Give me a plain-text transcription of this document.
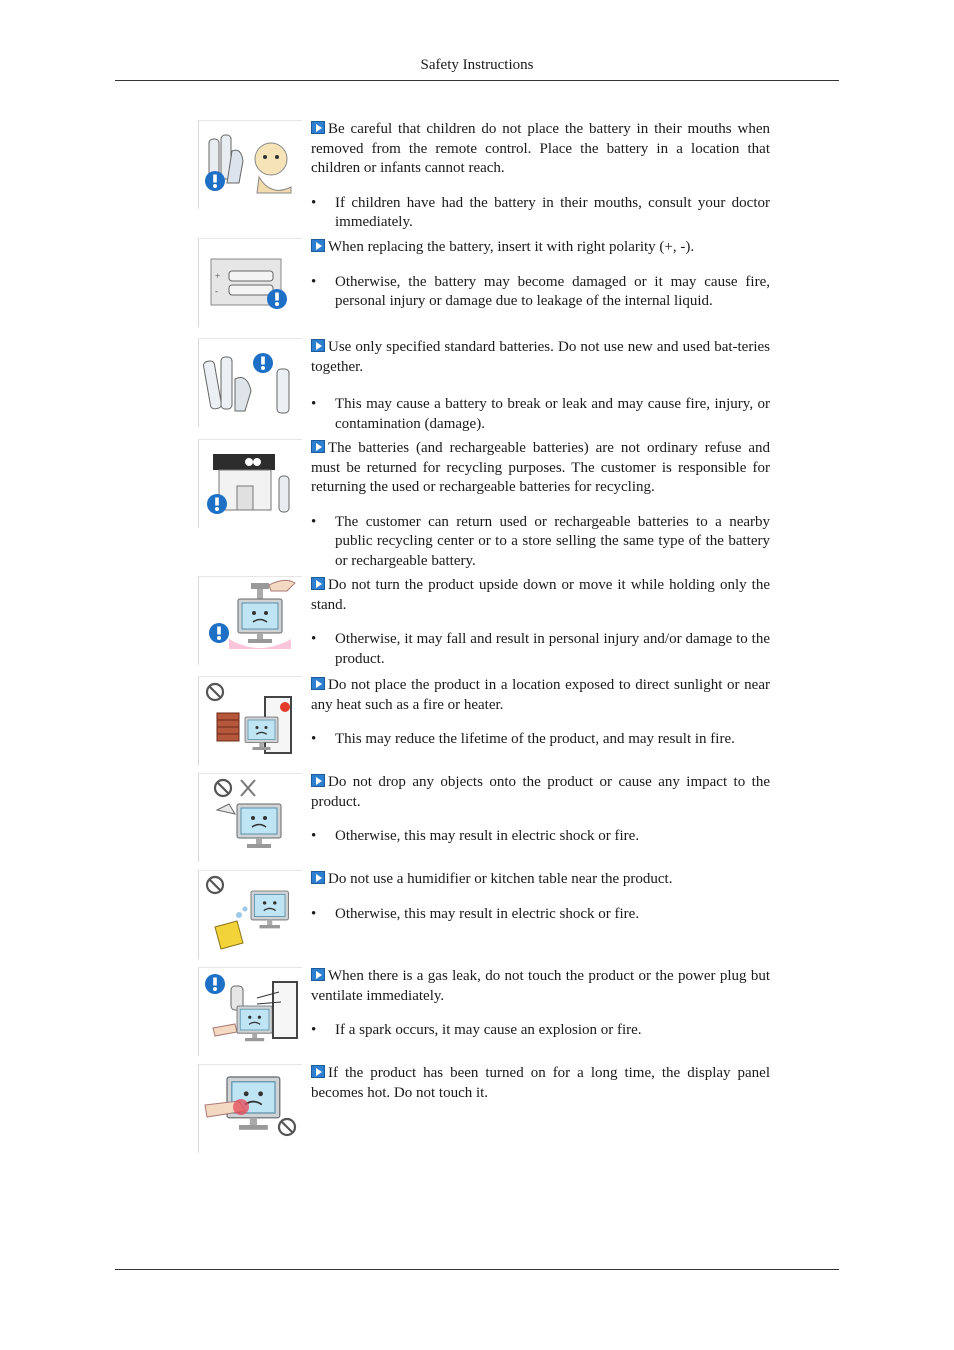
Safety Instructions

Be careful that children do not place the battery in their mouths when removed from the remote control. Place the battery in a location that children or infants cannot reach.

• If children have had the battery in their mouths, consult your doctor immediately.

+
-

When replacing the battery, insert it with right polarity (+, -).

• Otherwise, the battery may become damaged or it may cause fire, personal injury or damage due to leakage of the internal liquid.

Use only specified standard batteries. Do not use new and used bat-teries together.

• This may cause a battery to break or leak and may cause fire, injury, or contamination (damage).

The batteries (and rechargeable batteries) are not ordinary refuse and must be returned for recycling purposes. The customer is responsible for returning the used or rechargeable batteries for recycling.

• The customer can return used or rechargeable batteries to a nearby public recycling center or to a store selling the same type of the battery or rechargeable battery.

Do not turn the product upside down or move it while holding only the stand.

• Otherwise, it may fall and result in personal injury and/or damage to the product.

Do not place the product in a location exposed to direct sunlight or near any heat such as a fire or heater.

• This may reduce the lifetime of the product, and may result in fire.

Do not drop any objects onto the product or cause any impact to the product.

• Otherwise, this may result in electric shock or fire.

Do not use a humidifier or kitchen table near the product.

• Otherwise, this may result in electric shock or fire.

When there is a gas leak, do not touch the product or the power plug but ventilate immediately.

• If a spark occurs, it may cause an explosion or fire.

If the product has been turned on for a long time, the display panel becomes hot. Do not touch it.
